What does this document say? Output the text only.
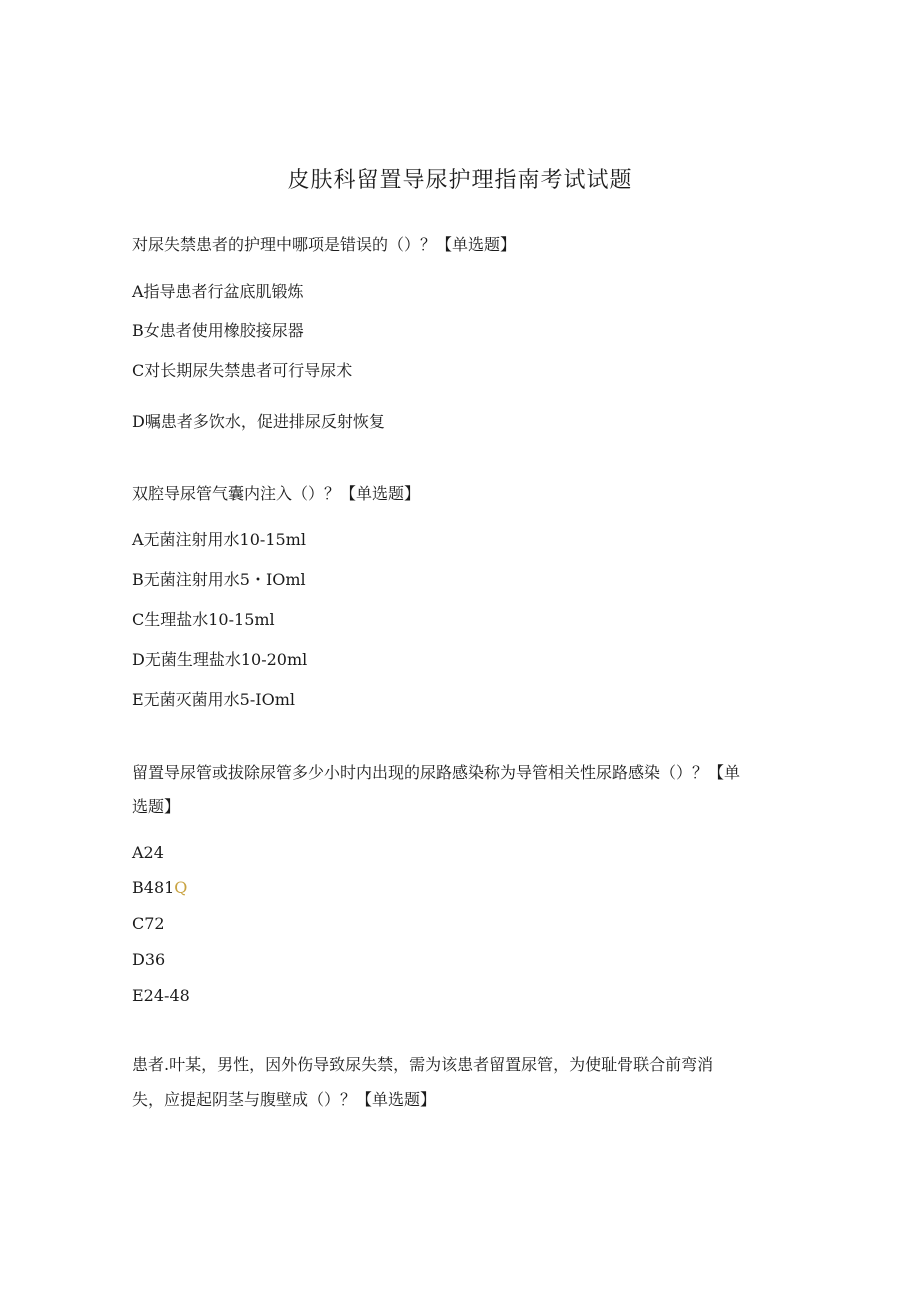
皮肤科留置导尿护理指南考试试题
对尿失禁患者的护理中哪项是错误的（）？【单选题】
A指导患者行盆底肌锻炼
B女患者使用橡胶接尿器
C对长期尿失禁患者可行导尿术
D嘱患者多饮水，促进排尿反射恢复
双腔导尿管气囊内注入（）？【单选题】
A无菌注射用水10-15ml
B无菌注射用水5・IOml
C生理盐水10-15ml
D无菌生理盐水10-20ml
E无菌灭菌用水5-IOml
留置导尿管或拔除尿管多少小时内出现的尿路感染称为导管相关性尿路感染（）？【单
选题】
A24
B481Q
C72
D36
E24-48
患者.叶某，男性，因外伤导致尿失禁，需为该患者留置尿管，为使耻骨联合前弯消
失，应提起阴茎与腹壁成（）？【单选题】
